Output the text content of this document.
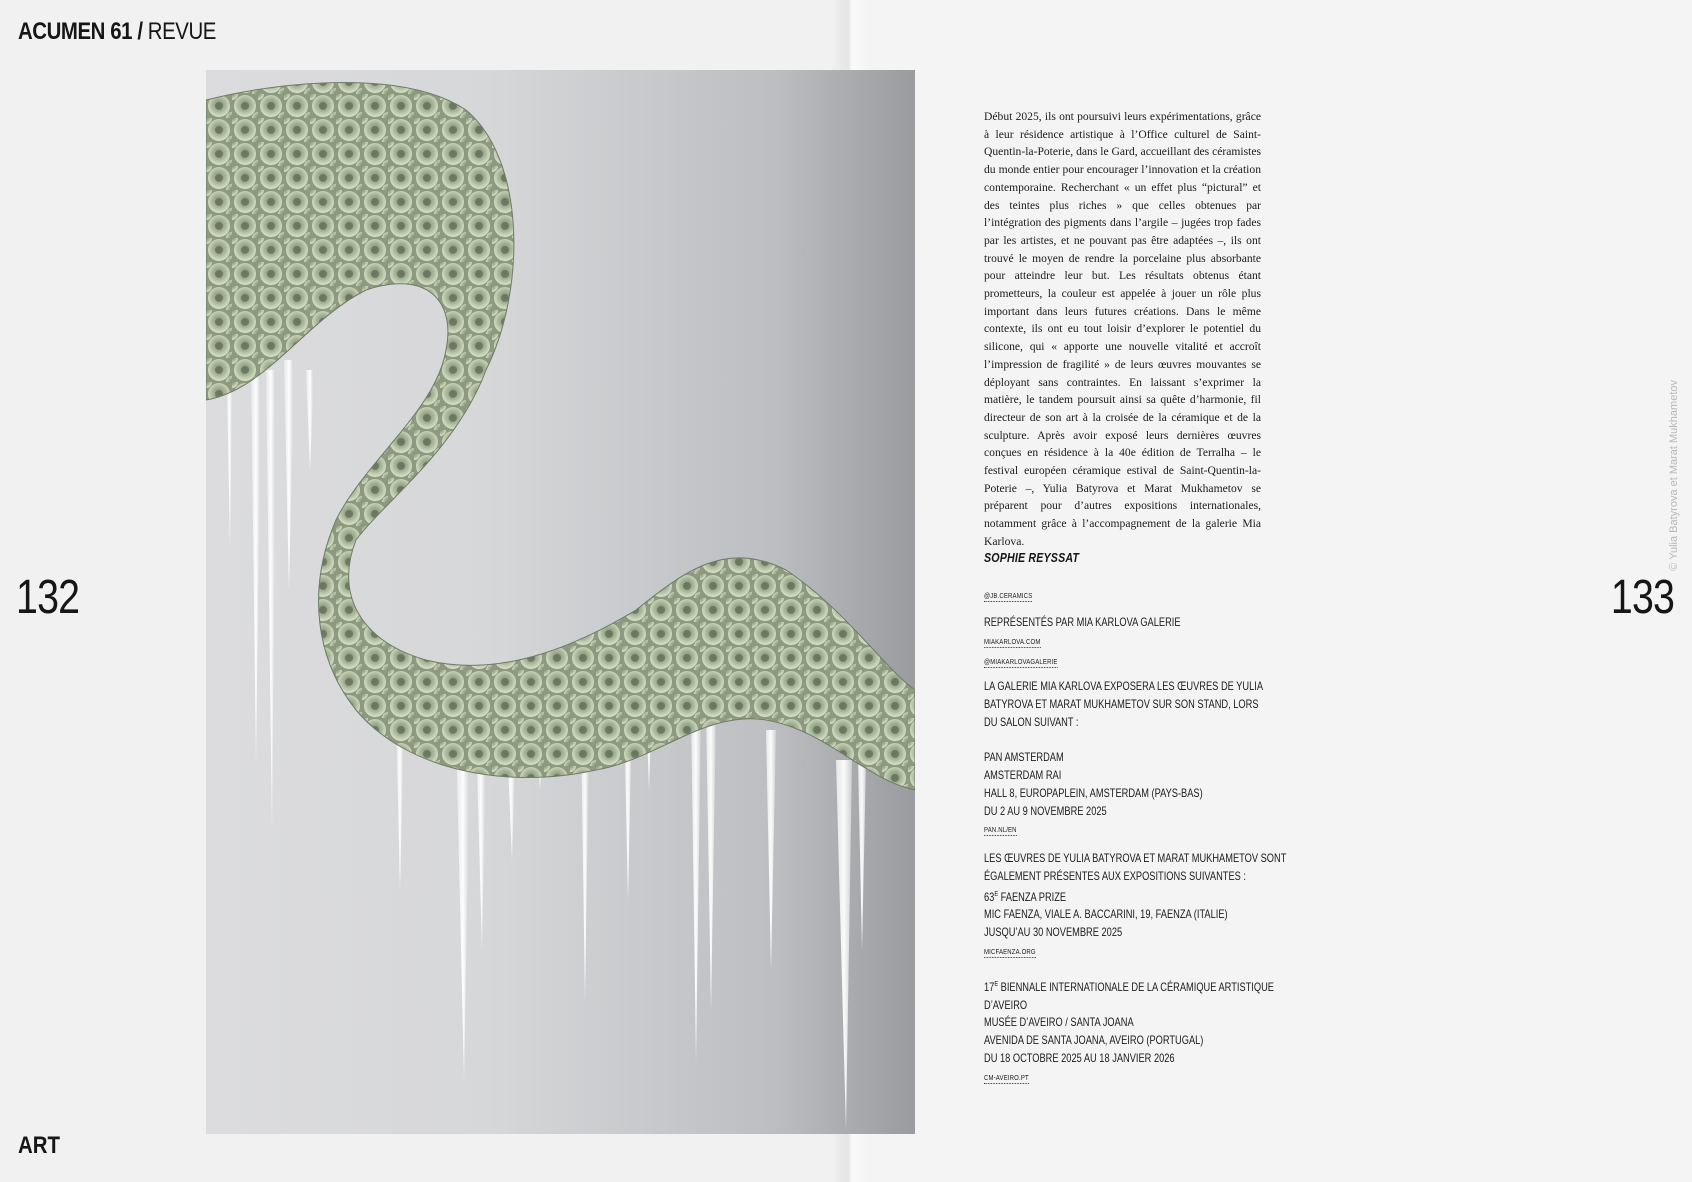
ACUMEN 61 / REVUE
132	133
ART
© Yulia Batyrova et Marat Mukhametov
Début 2025, ils ont poursuivi leurs expérimentations, grâce à leur résidence artistique à l’Office culturel de Saint-Quentin-la-Poterie, dans le Gard, accueillant des céramistes du monde entier pour encourager l’innovation et la création contemporaine. Recherchant « un effet plus “pictural” et des teintes plus riches » que celles obtenues par l’intégration des pigments dans l’argile – jugées trop fades par les artistes, et ne pouvant pas être adaptées –, ils ont trouvé le moyen de rendre la porcelaine plus absorbante pour atteindre leur but. Les résultats obtenus étant prometteurs, la couleur est appelée à jouer un rôle plus important dans leurs futures créations. Dans le même contexte, ils ont eu tout loisir d’explorer le potentiel du silicone, qui « apporte une nouvelle vitalité et accroît l’impression de fragilité » de leurs œuvres mouvantes se déployant sans contraintes. En laissant s’exprimer la matière, le tandem poursuit ainsi sa quête d’harmonie, fil directeur de son art à la croisée de la céramique et de la sculpture. Après avoir exposé leurs dernières œuvres conçues en résidence à la 40e édition de Terralha – le festival européen céramique estival de Saint-Quentin-la-Poterie –, Yulia Batyrova et Marat Mukhametov se préparent pour d’autres expositions internationales, notamment grâce à l’accompagnement de la galerie Mia Karlova.
SOPHIE REYSSAT
@JB.CERAMICS
REPRÉSENTÉS PAR MIA KARLOVA GALERIE
MIAKARLOVA.COM
@MIAKARLOVAGALERIE
LA GALERIE MIA KARLOVA EXPOSERA LES ŒUVRES DE YULIA
BATYROVA ET MARAT MUKHAMETOV SUR SON STAND, LORS
DU SALON SUIVANT :
PAN AMSTERDAM
AMSTERDAM RAI
HALL 8, EUROPAPLEIN, AMSTERDAM (PAYS-BAS)
DU 2 AU 9 NOVEMBRE 2025
PAN.NL/EN
LES ŒUVRES DE YULIA BATYROVA ET MARAT MUKHAMETOV SONT
ÉGALEMENT PRÉSENTES AUX EXPOSITIONS SUIVANTES :
$63^E$ FAENZA PRIZE
MIC FAENZA, VIALE A. BACCARINI, 19, FAENZA (ITALIE)
JUSQU’AU 30 NOVEMBRE 2025
MICFAENZA.ORG
$17^E$ BIENNALE INTERNATIONALE DE LA CÉRAMIQUE ARTISTIQUE
D’AVEIRO
MUSÉE D’AVEIRO / SANTA JOANA
AVENIDA DE SANTA JOANA, AVEIRO (PORTUGAL)
DU 18 OCTOBRE 2025 AU 18 JANVIER 2026
CM-AVEIRO.PT
